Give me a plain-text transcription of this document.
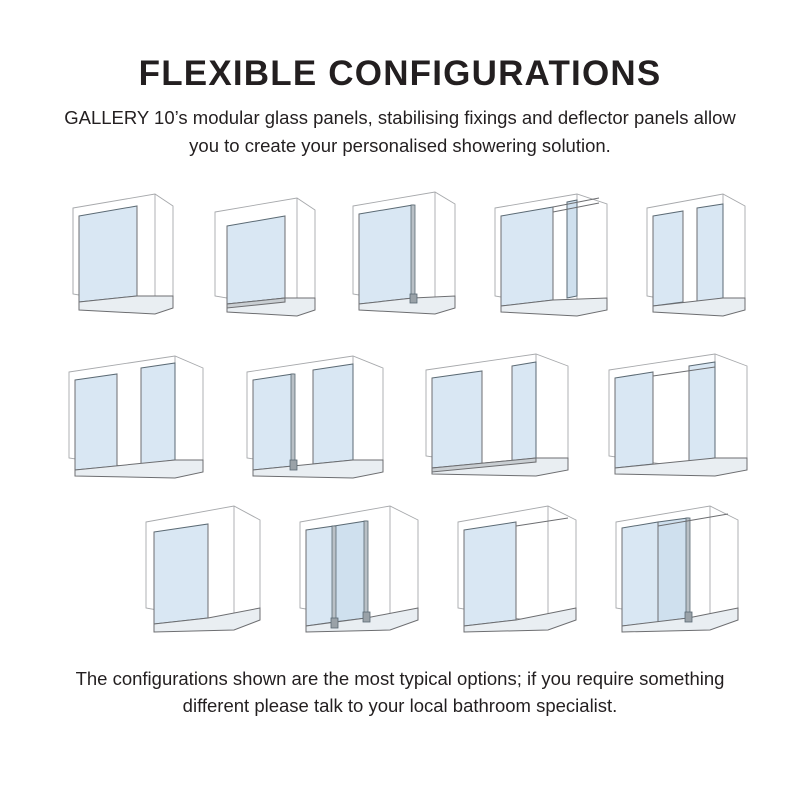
FLEXIBLE CONFIGURATIONS

GALLERY 10’s modular glass panels, stabilising fixings and deflector panels allow you to create your personalised showering solution.

The configurations shown are the most typical options; if you require something different please talk to your local bathroom specialist.
